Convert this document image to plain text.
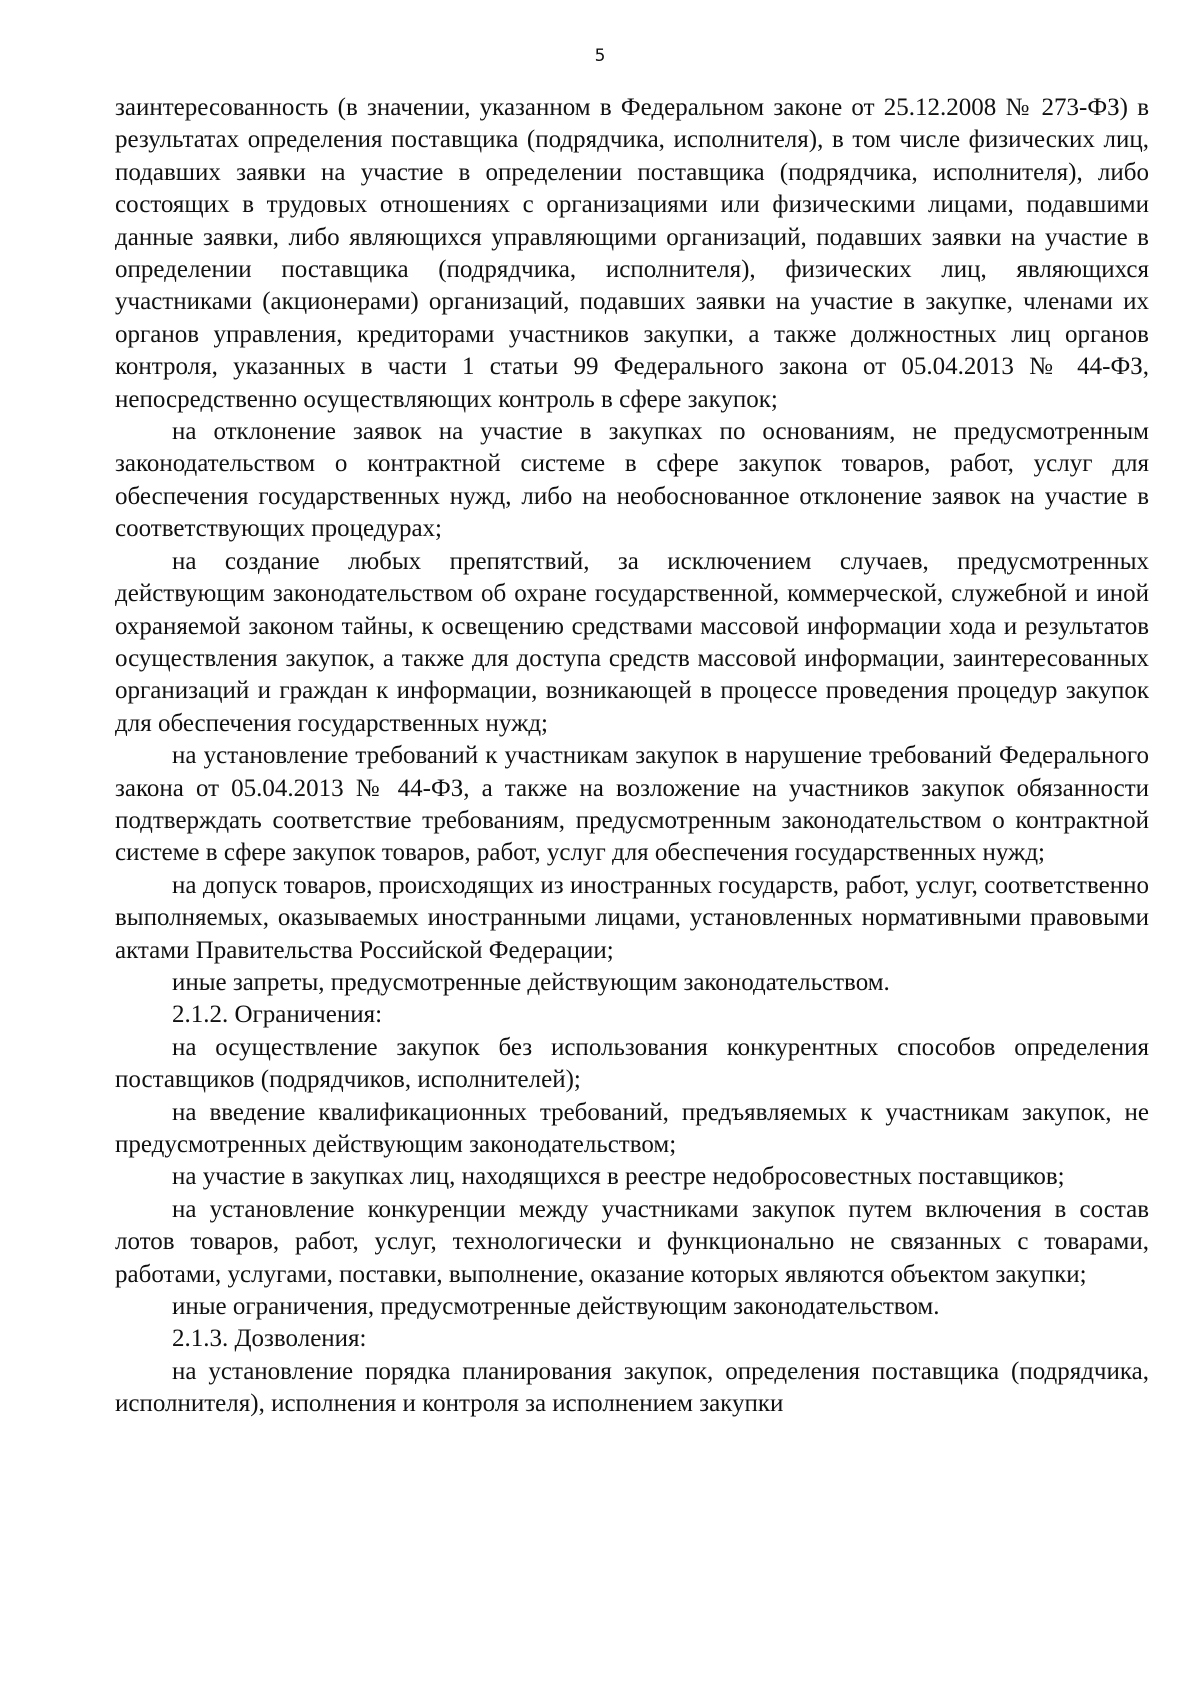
5

заинтересованность (в значении, указанном в Федеральном законе от 25.12.2008 № 273-ФЗ) в результатах определения поставщика (подрядчика, исполнителя), в том числе физических лиц, подавших заявки на участие в определении поставщика (подрядчика, исполнителя), либо состоящих в трудовых отношениях с организациями или физическими лицами, подавшими данные заявки, либо являющихся управляющими организаций, подавших заявки на участие в определении поставщика (подрядчика, исполнителя), физических лиц, являющихся участниками (акционерами) организаций, подавших заявки на участие в закупке, членами их органов управления, кредиторами участников закупки, а также должностных лиц органов контроля, указанных в части 1 статьи 99 Федерального закона от 05.04.2013 № 44-ФЗ, непосредственно осуществляющих контроль в сфере закупок;

на отклонение заявок на участие в закупках по основаниям, не предусмотренным законодательством о контрактной системе в сфере закупок товаров, работ, услуг для обеспечения государственных нужд, либо на необоснованное отклонение заявок на участие в соответствующих процедурах;

на создание любых препятствий, за исключением случаев, предусмотренных действующим законодательством об охране государственной, коммерческой, служебной и иной охраняемой законом тайны, к освещению средствами массовой информации хода и результатов осуществления закупок, а также для доступа средств массовой информации, заинтересованных организаций и граждан к информации, возникающей в процессе проведения процедур закупок для обеспечения государственных нужд;

на установление требований к участникам закупок в нарушение требований Федерального закона от 05.04.2013 № 44-ФЗ, а также на возложение на участников закупок обязанности подтверждать соответствие требованиям, предусмотренным законодательством о контрактной системе в сфере закупок товаров, работ, услуг для обеспечения государственных нужд;

на допуск товаров, происходящих из иностранных государств, работ, услуг, соответственно выполняемых, оказываемых иностранными лицами, установленных нормативными правовыми актами Правительства Российской Федерации;

иные запреты, предусмотренные действующим законодательством.

2.1.2. Ограничения:

на осуществление закупок без использования конкурентных способов определения поставщиков (подрядчиков, исполнителей);

на введение квалификационных требований, предъявляемых к участникам закупок, не предусмотренных действующим законодательством;

на участие в закупках лиц, находящихся в реестре недобросовестных поставщиков;

на установление конкуренции между участниками закупок путем включения в состав лотов товаров, работ, услуг, технологически и функционально не связанных с товарами, работами, услугами, поставки, выполнение, оказание которых являются объектом закупки;

иные ограничения, предусмотренные действующим законодательством.

2.1.3. Дозволения:

на установление порядка планирования закупок, определения поставщика (подрядчика, исполнителя), исполнения и контроля за исполнением закупки
